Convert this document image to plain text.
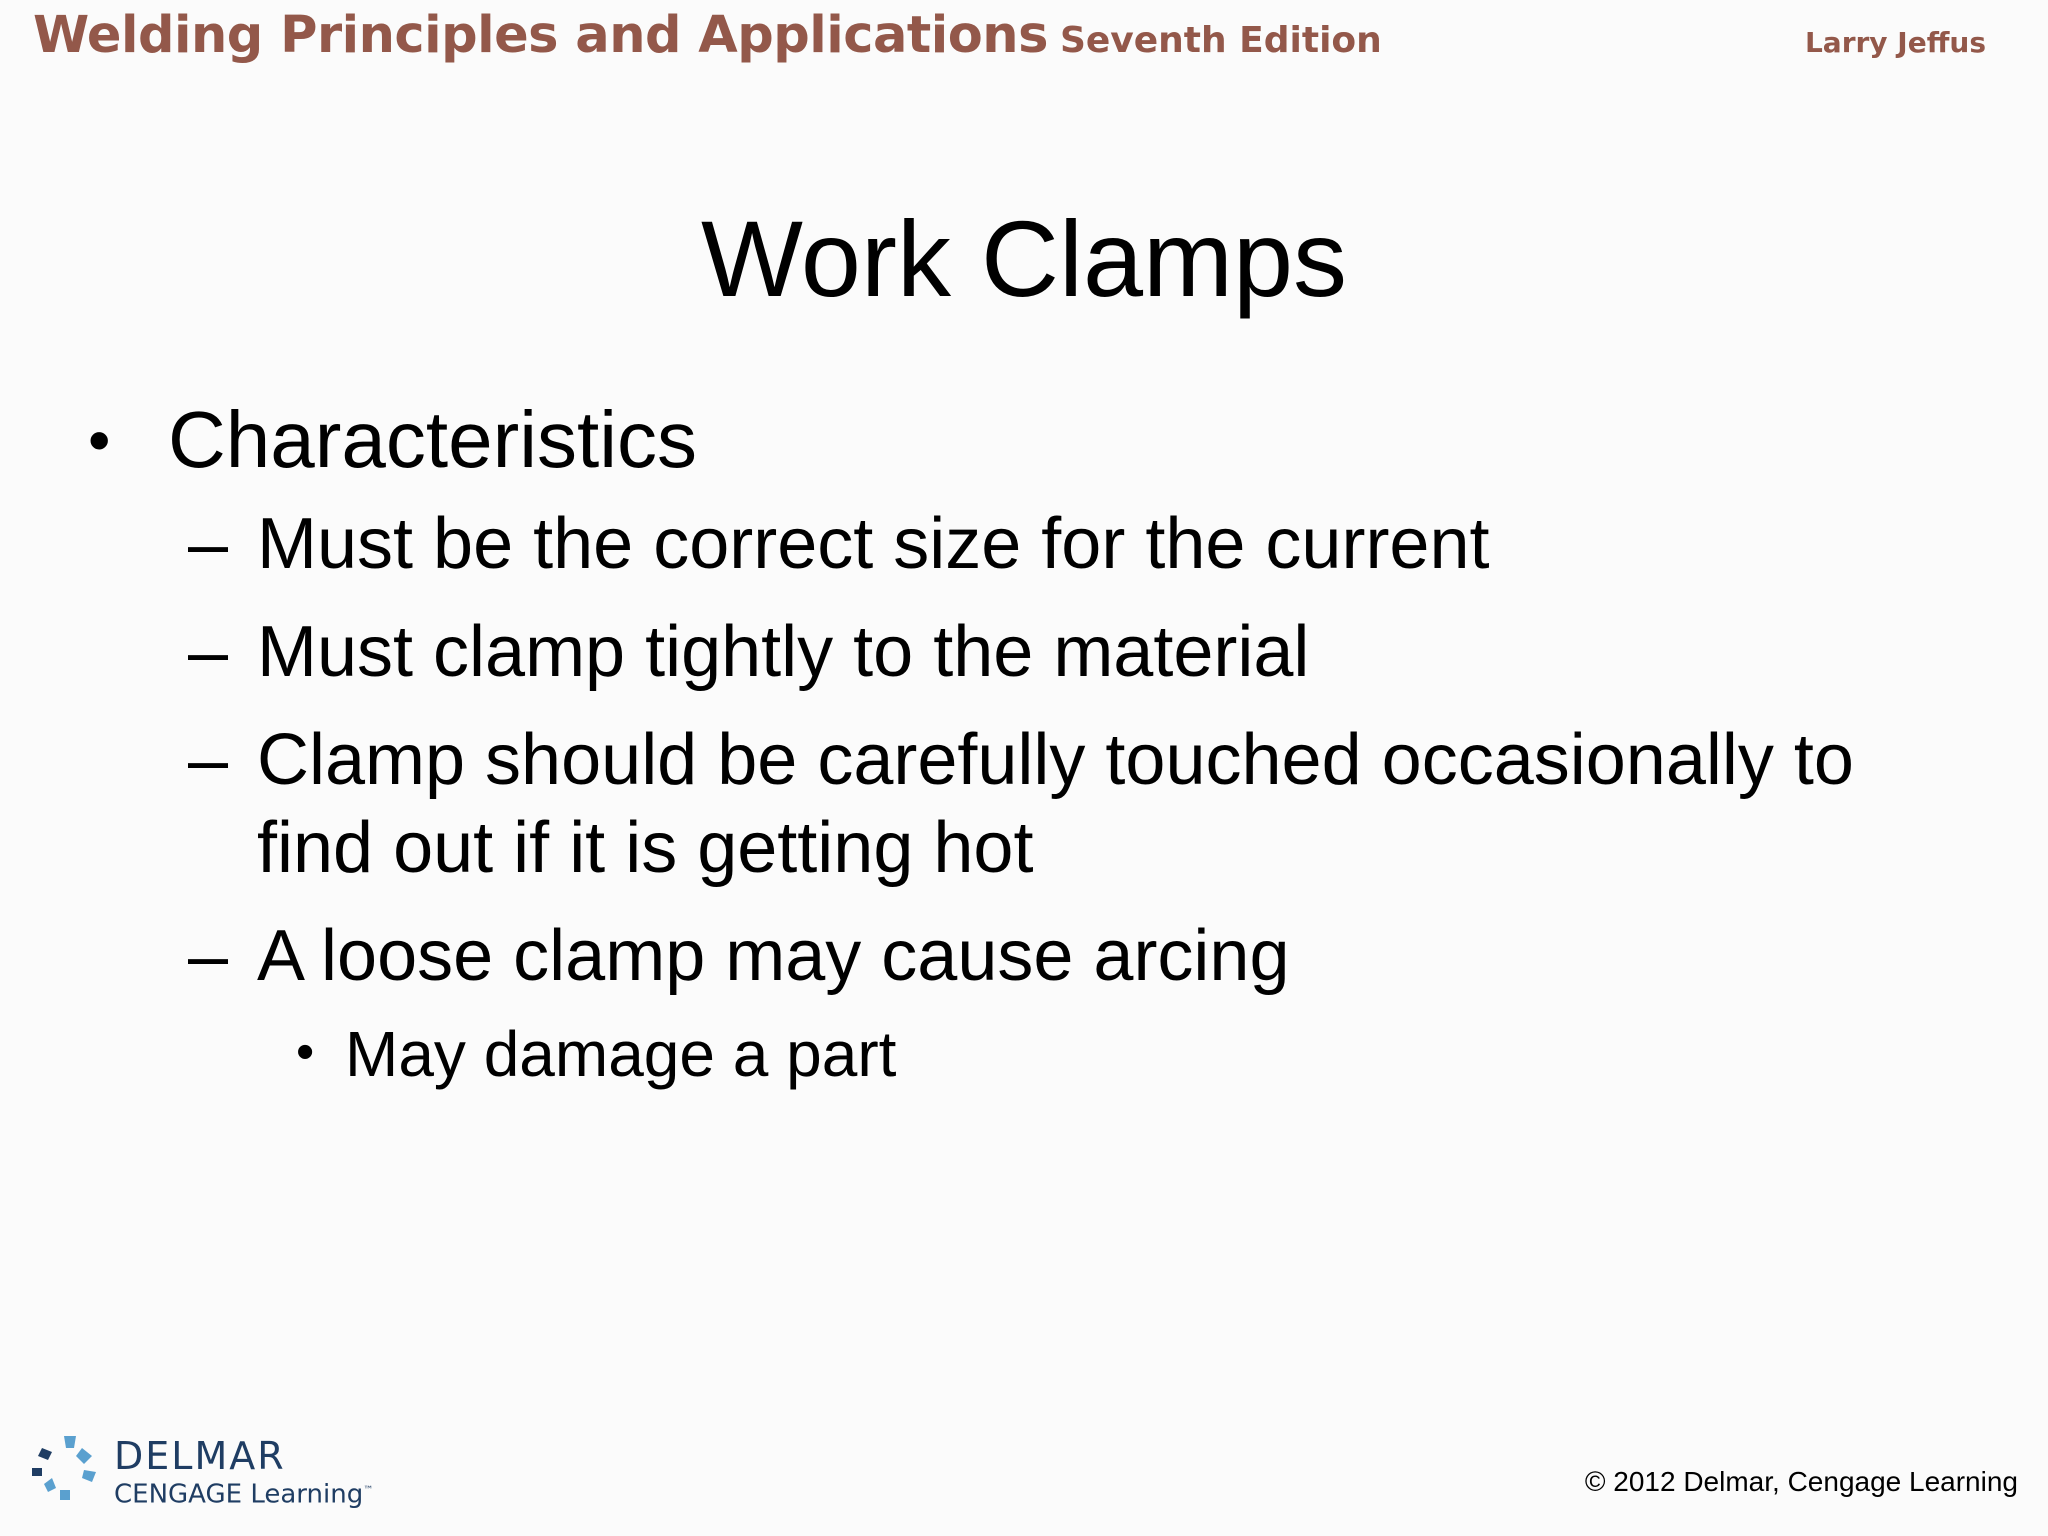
Welding Principles and Applications Seventh Edition	Larry Jeffus
Work Clamps
• Characteristics
– Must be the correct size for the current
– Must clamp tightly to the material
– Clamp should be carefully touched occasionally to
find out if it is getting hot
– A loose clamp may cause arcing
• May damage a part
DELMAR
CENGAGE Learning™	© 2012 Delmar, Cengage Learning
